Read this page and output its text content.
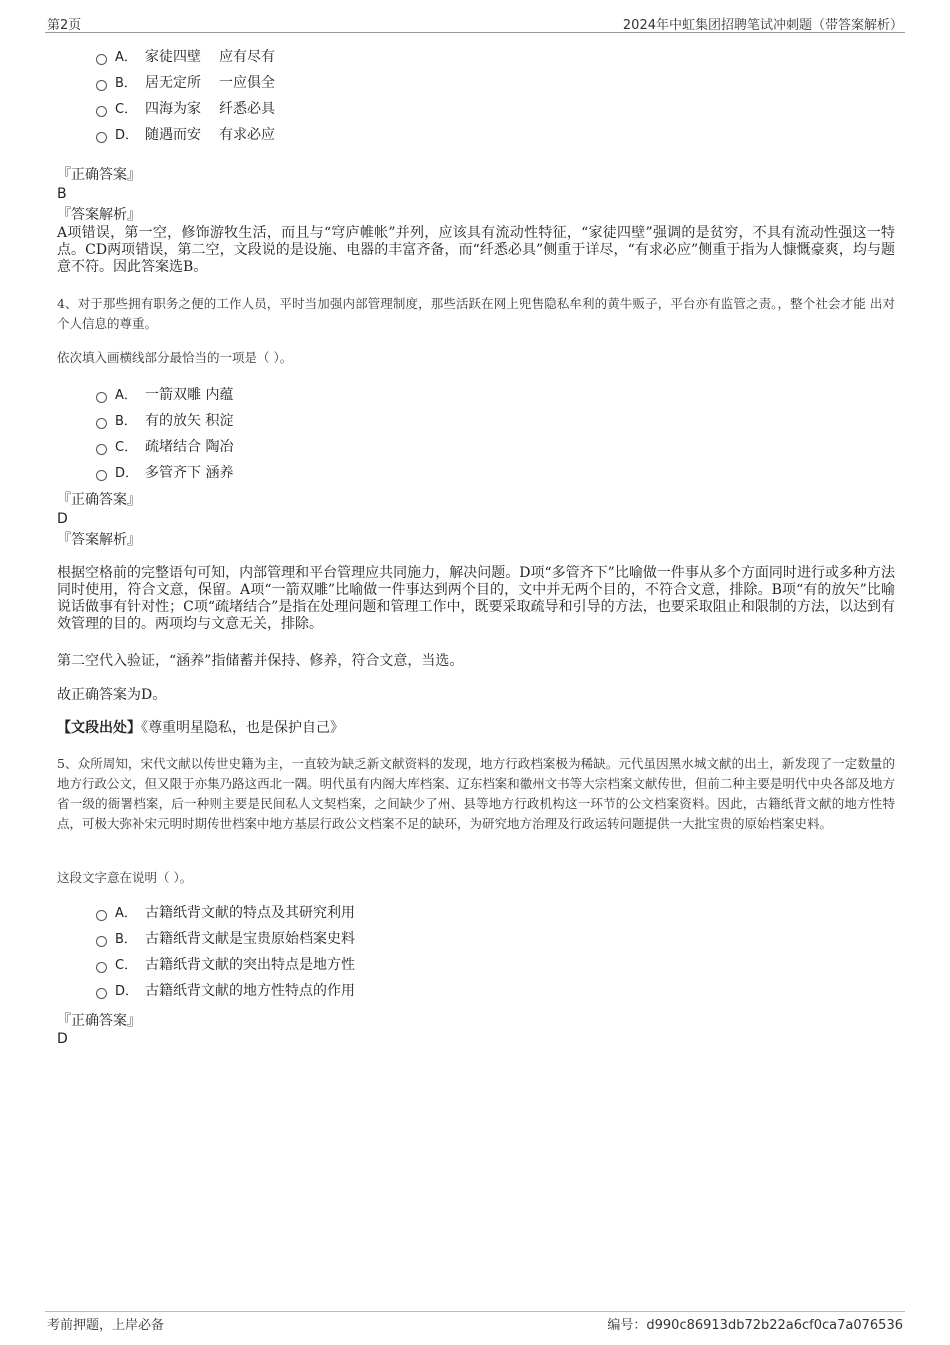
第2页	2024年中虹集团招聘笔试冲刺题（带答案解析）
A． 家徒四壁 应有尽有
B． 居无定所 一应俱全
C． 四海为家 纤悉必具
D． 随遇而安 有求必应
『正确答案』
B
『答案解析』
A项错误，第一空，修饰游牧生活，而且与“穹庐帷帐”并列，应该具有流动性特征，“家徒四壁”强调的是贫穷，不具有流动性强这一特点。CD两项错误，第二空，文段说的是设施、电器的丰富齐备，而“纤悉必具”侧重于详尽，“有求必应”侧重于指为人慷慨豪爽，均与题意不符。因此答案选B。
4、对于那些拥有职务之便的工作人员，平时当加强内部管理制度，那些活跃在网上兜售隐私牟利的黄牛贩子，平台亦有监管之责。，整个社会才能 出对个人信息的尊重。
依次填入画横线部分最恰当的一项是（ ）。
A． 一箭双雕 内蕴
B． 有的放矢 积淀
C． 疏堵结合 陶冶
D． 多管齐下 涵养
『正确答案』
D
『答案解析』
根据空格前的完整语句可知，内部管理和平台管理应共同施力，解决问题。D项“多管齐下”比喻做一件事从多个方面同时进行或多种方法同时使用，符合文意，保留。A项“一箭双雕”比喻做一件事达到两个目的，文中并无两个目的，不符合文意，排除。B项“有的放矢”比喻说话做事有针对性；C项“疏堵结合”是指在处理问题和管理工作中，既要采取疏导和引导的方法，也要采取阻止和限制的方法，以达到有效管理的目的。两项均与文意无关，排除。
第二空代入验证，“涵养”指储蓄并保持、修养，符合文意，当选。
故正确答案为D。
【文段出处】《尊重明星隐私，也是保护自己》
5、众所周知，宋代文献以传世史籍为主，一直较为缺乏新文献资料的发现，地方行政档案极为稀缺。元代虽因黑水城文献的出土，新发现了一定数量的地方行政公文，但又限于亦集乃路这西北一隅。明代虽有内阁大库档案、辽东档案和徽州文书等大宗档案文献传世，但前二种主要是明代中央各部及地方省一级的衙署档案，后一种则主要是民间私人文契档案，之间缺少了州、县等地方行政机构这一环节的公文档案资料。因此，古籍纸背文献的地方性特点，可极大弥补宋元明时期传世档案中地方基层行政公文档案不足的缺环，为研究地方治理及行政运转问题提供一大批宝贵的原始档案史料。
这段文字意在说明（ ）。
A． 古籍纸背文献的特点及其研究利用
B． 古籍纸背文献是宝贵原始档案史料
C． 古籍纸背文献的突出特点是地方性
D． 古籍纸背文献的地方性特点的作用
『正确答案』
D
考前押题，上岸必备	编号：d990c86913db72b22a6cf0ca7a076536
